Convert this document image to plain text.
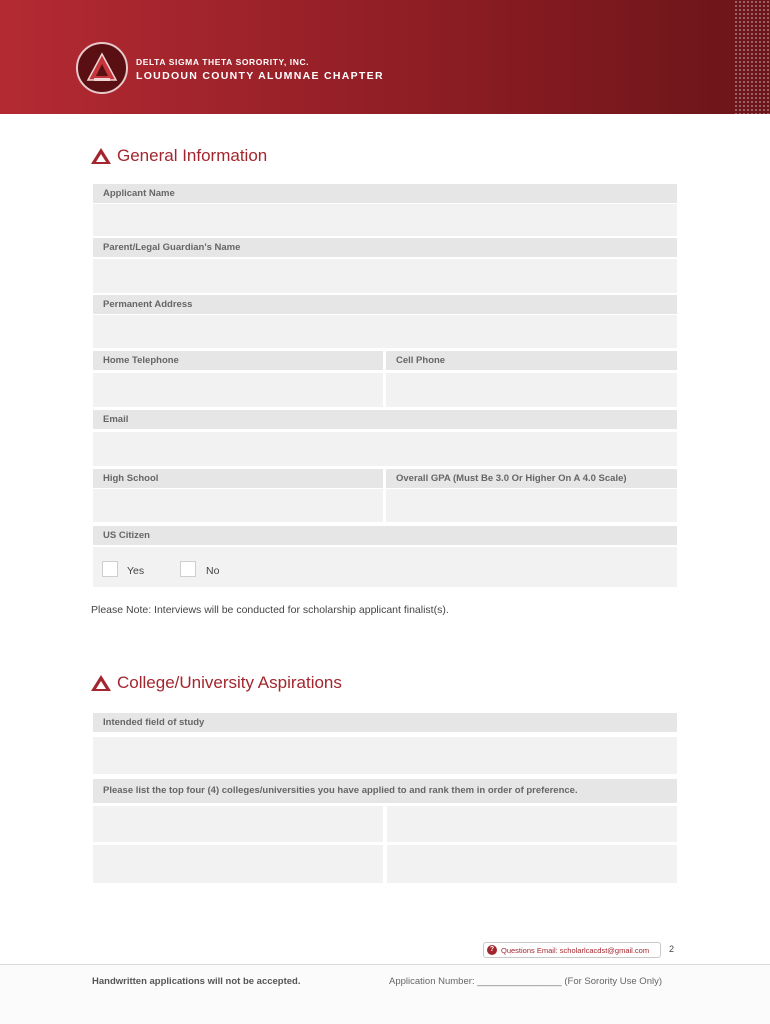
DELTA SIGMA THETA SORORITY, INC.
LOUDOUN COUNTY ALUMNAE CHAPTER
General Information
Applicant Name
Parent/Legal Guardian's Name
Permanent Address
Home Telephone	Cell Phone
Email
High School	Overall GPA (Must Be 3.0 Or Higher On A 4.0 Scale)
US Citizen
Yes	No
Please Note: Interviews will be conducted for scholarship applicant finalist(s).
College/University Aspirations
Intended field of study
Please list the top four (4) colleges/universities you have applied to and rank them in order of preference.
? Questions Email: scholarlcacdst@gmail.com 2
Handwritten applications will not be accepted.	Application Number: ________________ (For Sorority Use Only)
